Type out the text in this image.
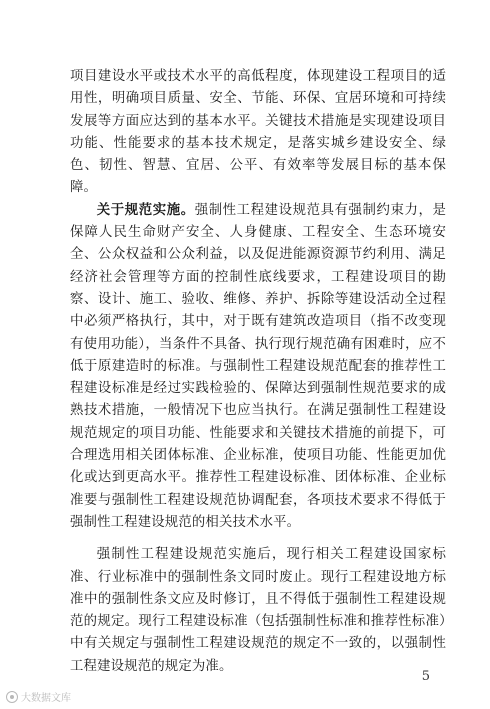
项目建设水平或技术水平的高低程度，体现建设工程项目的适用性，明确项目质量、安全、节能、环保、宜居环境和可持续发展等方面应达到的基本水平。关键技术措施是实现建设项目功能、性能要求的基本技术规定，是落实城乡建设安全、绿色、韧性、智慧、宜居、公平、有效率等发展目标的基本保障。

关于规范实施。强制性工程建设规范具有强制约束力，是保障人民生命财产安全、人身健康、工程安全、生态环境安全、公众权益和公众利益，以及促进能源资源节约利用、满足经济社会管理等方面的控制性底线要求，工程建设项目的勘察、设计、施工、验收、维修、养护、拆除等建设活动全过程中必须严格执行，其中，对于既有建筑改造项目（指不改变现有使用功能），当条件不具备、执行现行规范确有困难时，应不低于原建造时的标准。与强制性工程建设规范配套的推荐性工程建设标准是经过实践检验的、保障达到强制性规范要求的成熟技术措施，一般情况下也应当执行。在满足强制性工程建设规范规定的项目功能、性能要求和关键技术措施的前提下，可合理选用相关团体标准、企业标准，使项目功能、性能更加优化或达到更高水平。推荐性工程建设标准、团体标准、企业标准要与强制性工程建设规范协调配套，各项技术要求不得低于强制性工程建设规范的相关技术水平。

强制性工程建设规范实施后，现行相关工程建设国家标准、行业标准中的强制性条文同时废止。现行工程建设地方标准中的强制性条文应及时修订，且不得低于强制性工程建设规范的规定。现行工程建设标准（包括强制性标准和推荐性标准）中有关规定与强制性工程建设规范的规定不一致的，以强制性工程建设规范的规定为准。

5
大数据文库
